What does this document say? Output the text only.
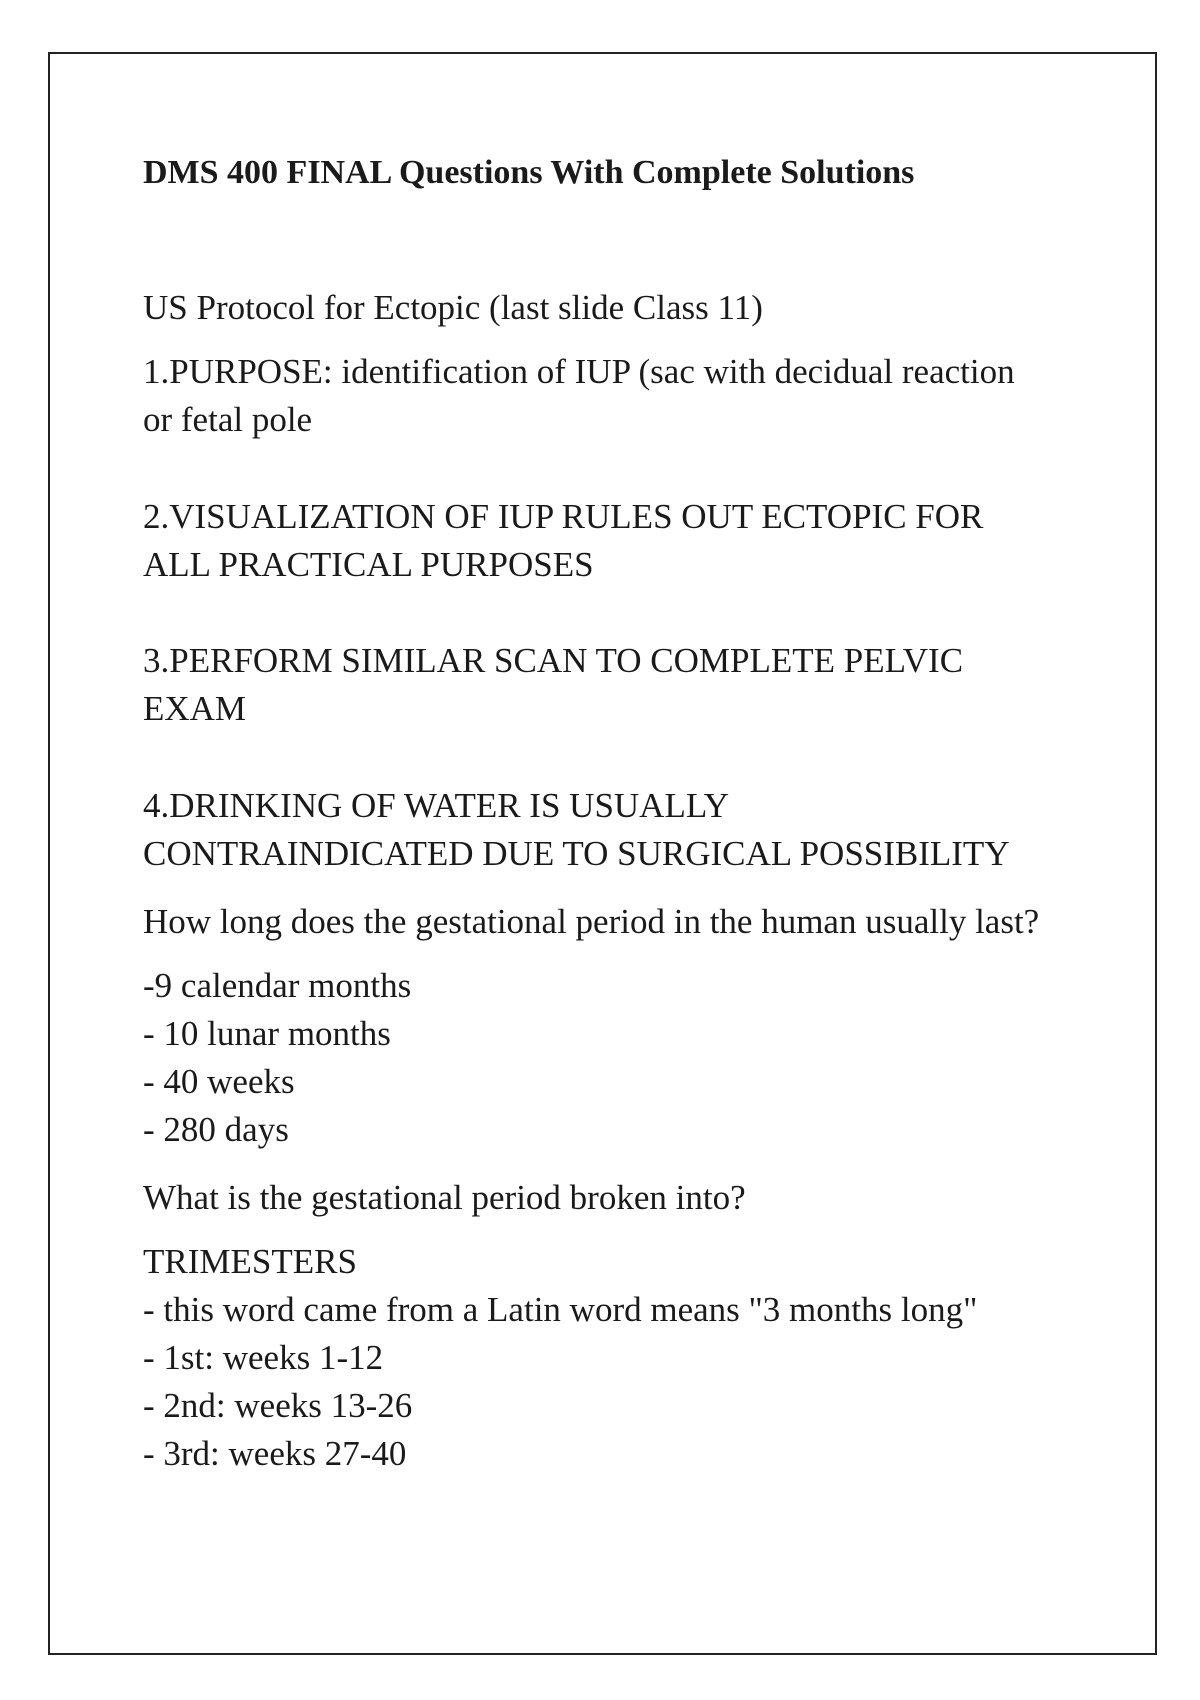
DMS 400 FINAL Questions With Complete Solutions

US Protocol for Ectopic (last slide Class 11)

1.PURPOSE: identification of IUP (sac with decidual reaction
or fetal pole

2.VISUALIZATION OF IUP RULES OUT ECTOPIC FOR
ALL PRACTICAL PURPOSES

3.PERFORM SIMILAR SCAN TO COMPLETE PELVIC
EXAM

4.DRINKING OF WATER IS USUALLY
CONTRAINDICATED DUE TO SURGICAL POSSIBILITY

How long does the gestational period in the human usually last?

-9 calendar months
- 10 lunar months
- 40 weeks
- 280 days

What is the gestational period broken into?

TRIMESTERS
- this word came from a Latin word means "3 months long"
- 1st: weeks 1-12
- 2nd: weeks 13-26
- 3rd: weeks 27-40
